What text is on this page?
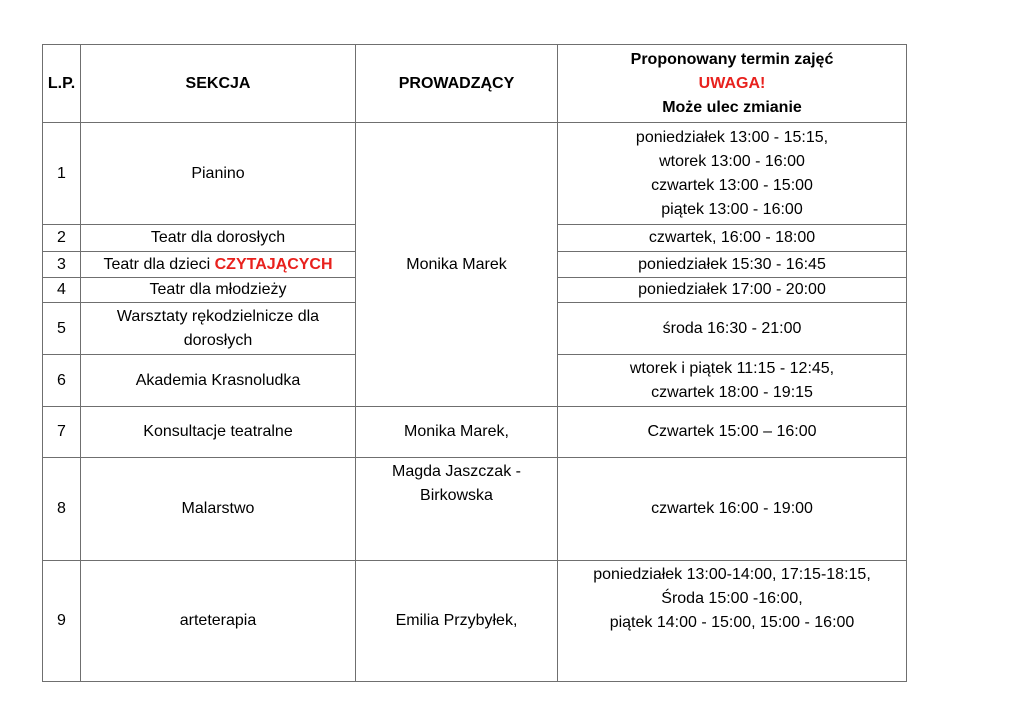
L.P.	SEKCJA	PROWADZĄCY	Proponowany termin zajęć
UWAGA!
Może ulec zmianie

1	Pianino	Monika Marek	poniedziałek 13:00 - 15:15,
wtorek 13:00 - 16:00
czwartek 13:00 - 15:00
piątek 13:00 - 16:00

2	Teatr dla dorosłych		czwartek, 16:00 - 18:00
3	Teatr dla dzieci CZYTAJĄCYCH		poniedziałek 15:30 - 16:45
4	Teatr dla młodzieży		poniedziałek 17:00 - 20:00
5	Warsztaty rękodzielnicze dla
dorosłych		środa 16:30 - 21:00
6	Akademia Krasnoludka		wtorek i piątek 11:15 - 12:45,
czwartek 18:00 - 19:15

7	Konsultacje teatralne	Monika Marek,	Czwartek 15:00 – 16:00
8	Malarstwo	Magda Jaszczak -
Birkowska	czwartek 16:00 - 19:00
9	arteterapia	Emilia Przybyłek,	poniedziałek 13:00-14:00, 17:15-18:15,
Środa 15:00 -16:00,
piątek 14:00 - 15:00, 15:00 - 16:00
